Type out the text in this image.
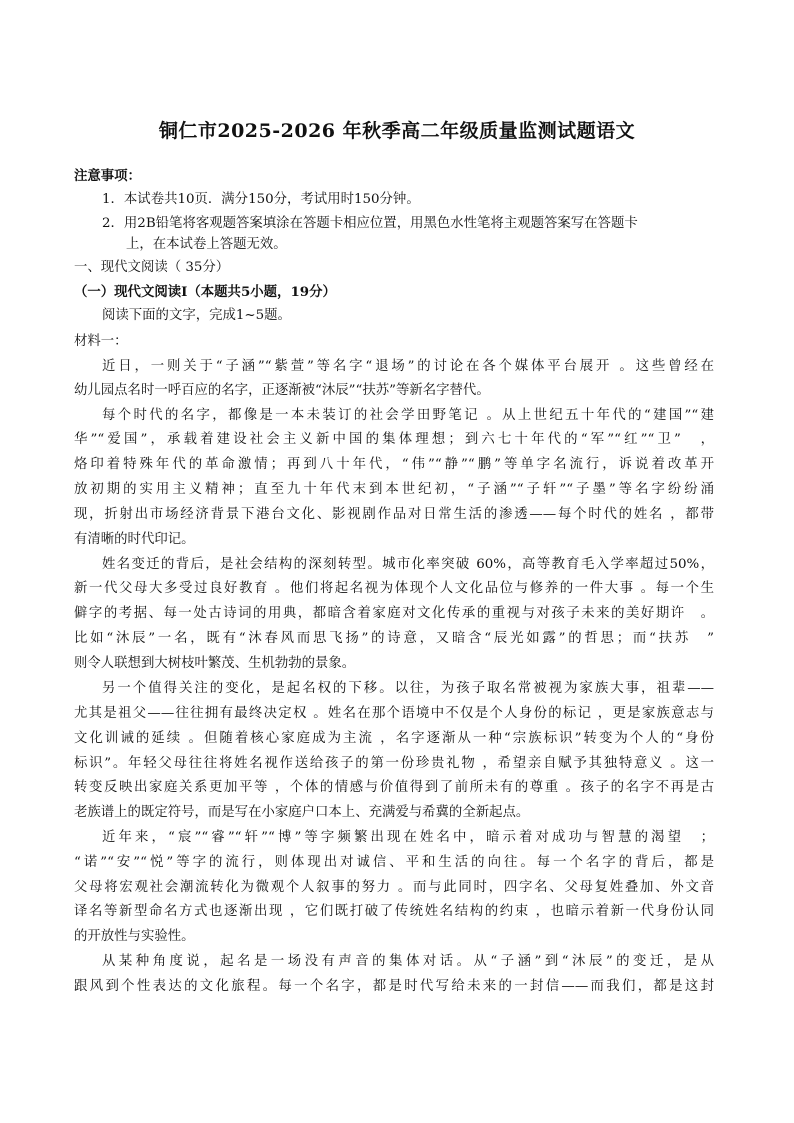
铜仁市2025-2026 年秋季高二年级质量监测试题语文
注意事项：
1．本试卷共10页．满分150分，考试用时150分钟。
2．用2B铅笔将客观题答案填涂在答题卡相应位置，用黑色水性笔将主观题答案写在答题卡
上，在本试卷上答题无效。
一、现代文阅读（ 35分）
（一）现代文阅读Ⅰ（本题共5小题，19分）
阅读下面的文字，完成1~5题。
材料一：
近日，一则关于“子涵”“紫萱”等名字“退场”的讨论在各个媒体平台展开 。这些曾经在
幼儿园点名时一呼百应的名字，正逐渐被“沐辰”“扶苏”等新名字替代。
每个时代的名字，都像是一本未装订的社会学田野笔记 。从上世纪五十年代的“建国”“建
华”“爱国”，承载着建设社会主义新中国的集体理想；到六七十年代的“军”“红”“卫”　，
烙印着特殊年代的革命激情；再到八十年代，“伟”“静”“鹏”等单字名流行，诉说着改革开
放初期的实用主义精神；直至九十年代末到本世纪初，“子涵”“子轩”“子墨”等名字纷纷涌
现，折射出市场经济背景下港台文化、影视剧作品对日常生活的渗透——每个时代的姓名 ，都带
有清晰的时代印记。
姓名变迁的背后，是社会结构的深刻转型。城市化率突破 60%，高等教育毛入学率超过50%，
新一代父母大多受过良好教育 。他们将起名视为体现个人文化品位与修养的一件大事 。每一个生
僻字的考据、每一处古诗词的用典，都暗含着家庭对文化传承的重视与对孩子未来的美好期许　。
比如“沐辰”一名，既有“沐春风而思飞扬”的诗意，又暗含“辰光如露”的哲思；而“扶苏　”
则令人联想到大树枝叶繁茂、生机勃勃的景象。
另一个值得关注的变化，是起名权的下移。以往，为孩子取名常被视为家族大事，祖辈——
尤其是祖父——往往拥有最终决定权 。姓名在那个语境中不仅是个人身份的标记 ，更是家族意志与
文化训诫的延续 。但随着核心家庭成为主流 ，名字逐渐从一种“宗族标识”转变为个人的“身份
标识”。年轻父母往往将姓名视作送给孩子的第一份珍贵礼物 ，希望亲自赋予其独特意义 。这一
转变反映出家庭关系更加平等 ，个体的情感与价值得到了前所未有的尊重 。孩子的名字不再是古
老族谱上的既定符号，而是写在小家庭户口本上、充满爱与希冀的全新起点。
近年来，“宸”“睿”“轩”“博”等字频繁出现在姓名中，暗示着对成功与智慧的渴望　；
“诺”“安”“悦”等字的流行，则体现出对诚信、平和生活的向往。每一个名字的背后，都是
父母将宏观社会潮流转化为微观个人叙事的努力 。而与此同时，四字名、父母复姓叠加、外文音
译名等新型命名方式也逐渐出现 ，它们既打破了传统姓名结构的约束 ，也暗示着新一代身份认同
的开放性与实验性。
从某种角度说，起名是一场没有声音的集体对话。从“子涵”到“沐辰”的变迁，是从
跟风到个性表达的文化旅程。每一个名字，都是时代写给未来的一封信——而我们，都是这封
